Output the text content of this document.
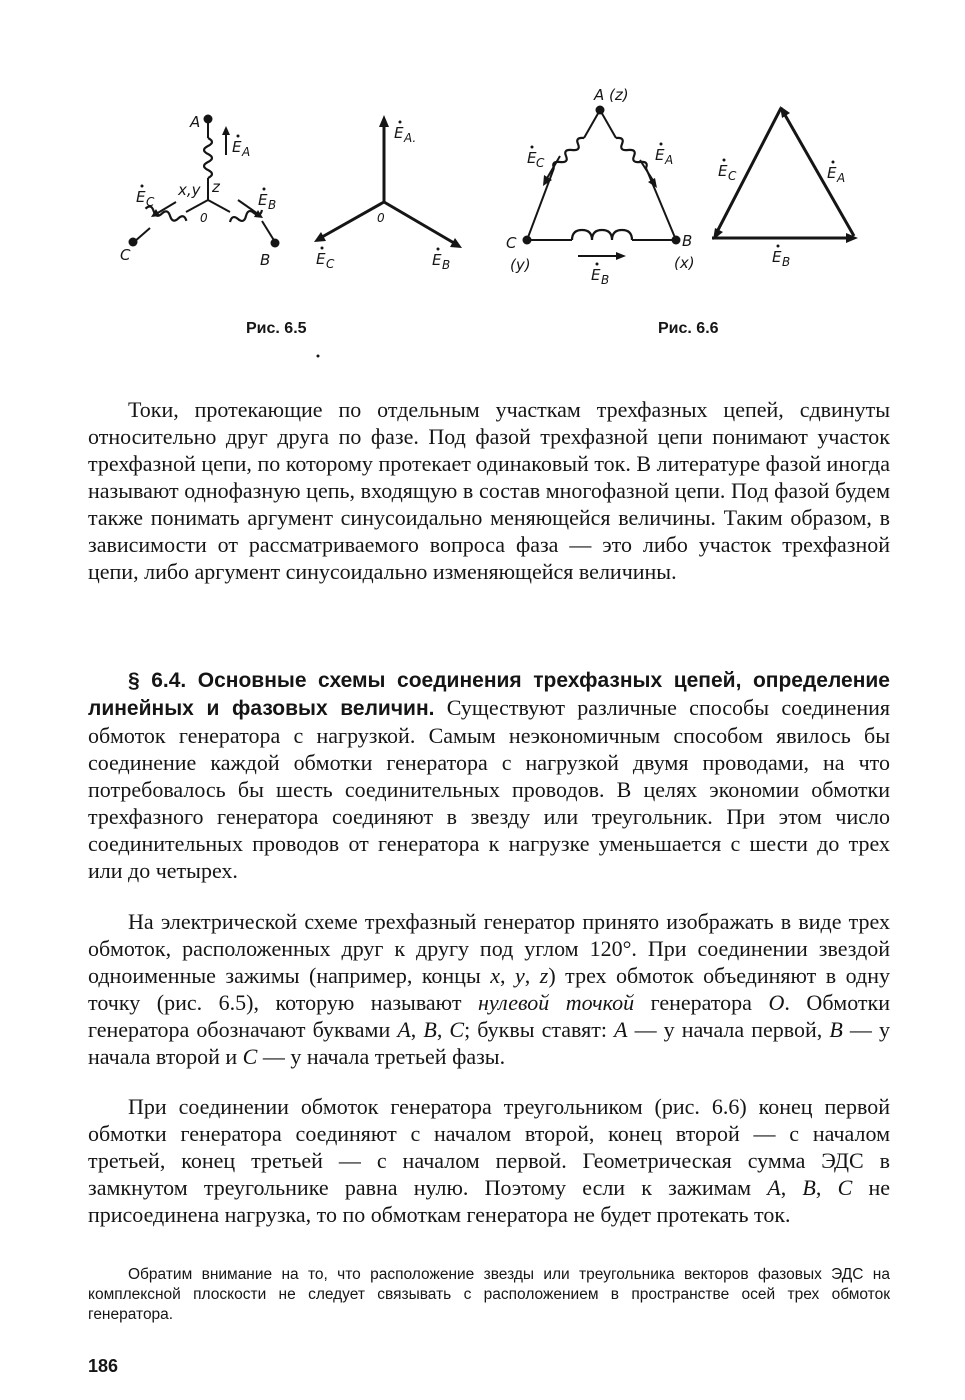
A
C	B
x,y z
0
E A
E C	E B
0
E A.
E C	E B
Рис. 6.5
A (z)
C
(y)
B
(x)
E C	E A
E B
E C	E A
E B
Рис. 6.6

Токи, протекающие по отдельным участкам трехфазных цепей, сдвинуты относительно друг друга по фазе. Под фазой трехфазной цепи понимают участок трехфазной цепи, по которому протекает одинаковый ток. В литературе фазой иногда называют однофазную цепь, входящую в состав многофазной цепи. Под фазой будем также понимать аргумент синусоидально меняющейся величины. Таким образом, в зависимости от рассматриваемого вопроса фаза — это либо участок трехфазной цепи, либо аргумент синусоидально изменяющейся величины.

§ 6.4. Основные схемы соединения трехфазных цепей, определение линейных и фазовых величин. Существуют различные способы соединения обмоток генератора с нагрузкой. Самым неэкономичным способом явилось бы соединение каждой обмотки генератора с нагрузкой двумя проводами, на что потребовалось бы шесть соединительных проводов. В целях экономии обмотки трехфазного генератора соединяют в звезду или треугольник. При этом число соединительных проводов от генератора к нагрузке уменьшается с шести до трех или до четырех.

На электрической схеме трехфазный генератор принято изображать в виде трех обмоток, расположенных друг к другу под углом 120°. При соединении звездой одноименные зажимы (например, концы x, y, z) трех обмоток объединяют в одну точку (рис. 6.5), которую называют нулевой точкой генератора О. Обмотки генератора обозначают буквами А, В, С; буквы ставят: А — у начала первой, В — у начала второй и С — у начала третьей фазы.

При соединении обмоток генератора треугольником (рис. 6.6) конец первой обмотки генератора соединяют с началом второй, конец второй — с началом третьей, конец третьей — с началом первой. Геометрическая сумма ЭДС в замкнутом треугольнике равна нулю. Поэтому если к зажимам А, В, С не присоединена нагрузка, то по обмоткам генератора не будет протекать ток.

Обратим внимание на то, что расположение звезды или треугольника векторов фазовых ЭДС на комплексной плоскости не следует связывать с расположением в пространстве осей трех обмоток генератора.

186
